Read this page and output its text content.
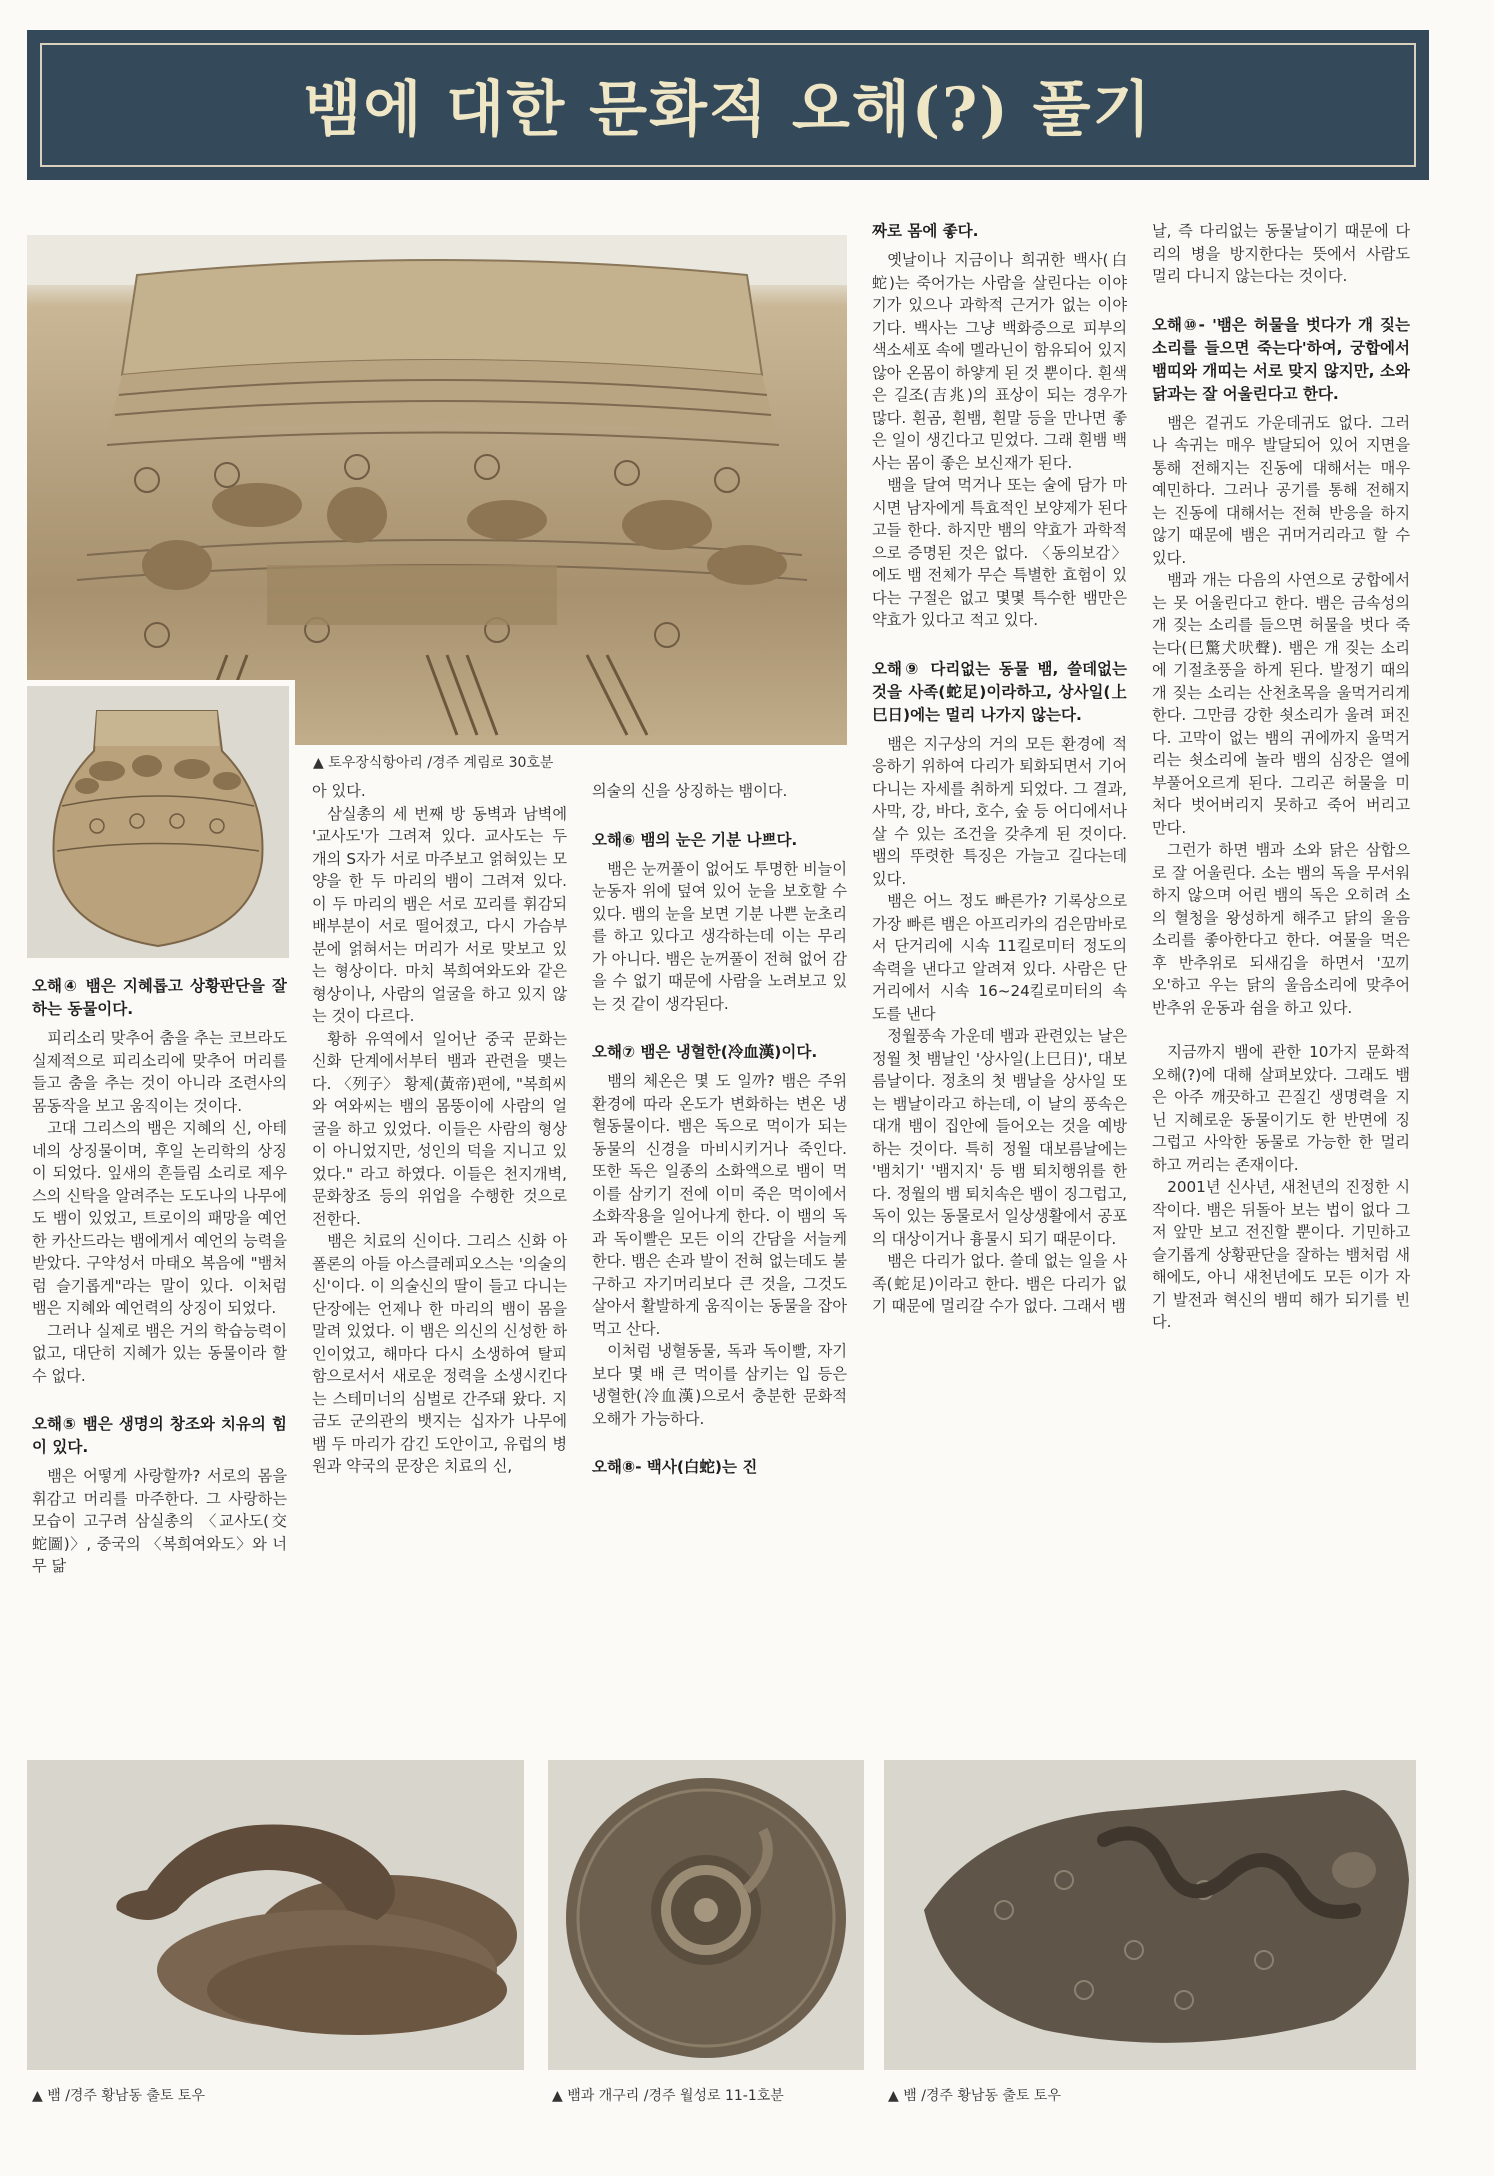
뱀에 대한 문화적 오해(?) 풀기
▲ 토우장식항아리 /경주 계림로 30호분

오해④ 뱀은 지혜롭고 상황판단을 잘하는 동물이다.

피리소리 맞추어 춤을 추는 코브라도 실제적으로 피리소리에 맞추어 머리를 들고 춤을 추는 것이 아니라 조련사의 몸동작을 보고 움직이는 것이다.

고대 그리스의 뱀은 지혜의 신, 아테네의 상징물이며, 후일 논리학의 상징이 되었다. 잎새의 흔들림 소리로 제우스의 신탁을 알려주는 도도나의 나무에도 뱀이 있었고, 트로이의 패망을 예언한 카산드라는 뱀에게서 예언의 능력을 받았다. 구약성서 마태오 복음에 "뱀처럼 슬기롭게"라는 말이 있다. 이처럼 뱀은 지혜와 예언력의 상징이 되었다.

그러나 실제로 뱀은 거의 학습능력이 없고, 대단히 지혜가 있는 동물이라 할 수 없다.

오해⑤ 뱀은 생명의 창조와 치유의 힘이 있다.

뱀은 어떻게 사랑할까? 서로의 몸을 휘감고 머리를 마주한다. 그 사랑하는 모습이 고구려 삼실총의 〈교사도(交蛇圖)〉, 중국의 〈복희여와도〉와 너무 닮

아 있다.

삼실총의 세 번째 방 동벽과 남벽에 '교사도'가 그려져 있다. 교사도는 두 개의 S자가 서로 마주보고 얽혀있는 모양을 한 두 마리의 뱀이 그려져 있다. 이 두 마리의 뱀은 서로 꼬리를 휘감되 배부분이 서로 떨어졌고, 다시 가슴부분에 얽혀서는 머리가 서로 맞보고 있는 형상이다. 마치 복희여와도와 같은 형상이나, 사람의 얼굴을 하고 있지 않는 것이 다르다.

황하 유역에서 일어난 중국 문화는 신화 단계에서부터 뱀과 관련을 맺는다. 〈列子〉 황제(黃帝)편에, "복희씨와 여와씨는 뱀의 몸뚱이에 사람의 얼굴을 하고 있었다. 이들은 사람의 형상이 아니었지만, 성인의 덕을 지니고 있었다." 라고 하였다. 이들은 천지개벽, 문화창조 등의 위업을 수행한 것으로 전한다.

뱀은 치료의 신이다. 그리스 신화 아폴론의 아들 아스클레피오스는 '의술의 신'이다. 이 의술신의 딸이 들고 다니는 단장에는 언제나 한 마리의 뱀이 몸을 말려 있었다. 이 뱀은 의신의 신성한 하인이었고, 해마다 다시 소생하여 탈피함으로서서 새로운 정력을 소생시킨다는 스테미너의 심벌로 간주돼 왔다. 지금도 군의관의 뱃지는 십자가 나무에 뱀 두 마리가 감긴 도안이고, 유럽의 병원과 약국의 문장은 치료의 신,

의술의 신을 상징하는 뱀이다.

오해⑥ 뱀의 눈은 기분 나쁘다.

뱀은 눈꺼풀이 없어도 투명한 비늘이 눈동자 위에 덮여 있어 눈을 보호할 수 있다. 뱀의 눈을 보면 기분 나쁜 눈초리를 하고 있다고 생각하는데 이는 무리가 아니다. 뱀은 눈꺼풀이 전혀 없어 감을 수 없기 때문에 사람을 노려보고 있는 것 같이 생각된다.

오해⑦ 뱀은 냉혈한(冷血漢)이다.

뱀의 체온은 몇 도 일까? 뱀은 주위 환경에 따라 온도가 변화하는 변온 냉혈동물이다. 뱀은 독으로 먹이가 되는 동물의 신경을 마비시키거나 죽인다. 또한 독은 일종의 소화액으로 뱀이 먹이를 삼키기 전에 이미 죽은 먹이에서 소화작용을 일어나게 한다. 이 뱀의 독과 독이빨은 모든 이의 간담을 서늘케한다. 뱀은 손과 발이 전혀 없는데도 불구하고 자기머리보다 큰 것을, 그것도 살아서 활발하게 움직이는 동물을 잡아먹고 산다.

이처럼 냉혈동물, 독과 독이빨, 자기보다 몇 배 큰 먹이를 삼키는 입 등은 냉혈한(冷血漢)으로서 충분한 문화적 오해가 가능하다.

오해⑧- 백사(白蛇)는 진

짜로 몸에 좋다.

옛날이나 지금이나 희귀한 백사(白蛇)는 죽어가는 사람을 살린다는 이야기가 있으나 과학적 근거가 없는 이야기다. 백사는 그냥 백화증으로 피부의 색소세포 속에 멜라닌이 함유되어 있지 않아 온몸이 하얗게 된 것 뿐이다. 흰색은 길조(吉兆)의 표상이 되는 경우가 많다. 흰곰, 흰뱀, 흰말 등을 만나면 좋은 일이 생긴다고 믿었다. 그래 흰뱀 백사는 몸이 좋은 보신재가 된다.

뱀을 달여 먹거나 또는 술에 담가 마시면 남자에게 특효적인 보양제가 된다고들 한다. 하지만 뱀의 약효가 과학적으로 증명된 것은 없다. 〈동의보감〉에도 뱀 전체가 무슨 특별한 효험이 있다는 구절은 없고 몇몇 특수한 뱀만은 약효가 있다고 적고 있다.

오해⑨ 다리없는 동물 뱀, 쓸데없는 것을 사족(蛇足)이라하고, 상사일(上巳日)에는 멀리 나가지 않는다.

뱀은 지구상의 거의 모든 환경에 적응하기 위하여 다리가 퇴화되면서 기어 다니는 자세를 취하게 되었다. 그 결과, 사막, 강, 바다, 호수, 숲 등 어디에서나 살 수 있는 조건을 갖추게 된 것이다. 뱀의 뚜렷한 특징은 가늘고 길다는데 있다.

뱀은 어느 정도 빠른가? 기록상으로 가장 빠른 뱀은 아프리카의 검은맘바로서 단거리에 시속 11킬로미터 정도의 속력을 낸다고 알려져 있다. 사람은 단거리에서 시속 16~24킬로미터의 속도를 낸다

정월풍속 가운데 뱀과 관련있는 날은 정월 첫 뱀날인 '상사일(上巳日)', 대보름날이다. 정초의 첫 뱀날을 상사일 또는 뱀날이라고 하는데, 이 날의 풍속은 대개 뱀이 집안에 들어오는 것을 예방하는 것이다. 특히 정월 대보름날에는 '뱀치기' '뱀지지' 등 뱀 퇴치행위를 한다. 정월의 뱀 퇴치속은 뱀이 징그럽고, 독이 있는 동물로서 일상생활에서 공포의 대상이거나 흉물시 되기 때문이다.

뱀은 다리가 없다. 쓸데 없는 일을 사족(蛇足)이라고 한다. 뱀은 다리가 없기 때문에 멀리갈 수가 없다. 그래서 뱀

날, 즉 다리없는 동물날이기 때문에 다리의 병을 방지한다는 뜻에서 사람도 멀리 다니지 않는다는 것이다.

오해⑩- '뱀은 허물을 벗다가 개 짖는 소리를 들으면 죽는다'하여, 궁합에서 뱀띠와 개띠는 서로 맞지 않지만, 소와 닭과는 잘 어울린다고 한다.

뱀은 겉귀도 가운데귀도 없다. 그러나 속귀는 매우 발달되어 있어 지면을 통해 전해지는 진동에 대해서는 매우 예민하다. 그러나 공기를 통해 전해지는 진동에 대해서는 전혀 반응을 하지 않기 때문에 뱀은 귀머거리라고 할 수 있다.

뱀과 개는 다음의 사연으로 궁합에서는 못 어울린다고 한다. 뱀은 금속성의 개 짖는 소리를 들으면 허물을 벗다 죽는다(巳驚犬吠聲). 뱀은 개 짖는 소리에 기절초풍을 하게 된다. 발정기 때의 개 짖는 소리는 산천초목을 울먹거리게 한다. 그만큼 강한 쇳소리가 울려 퍼진다. 고막이 없는 뱀의 귀에까지 울먹거리는 쇳소리에 놀라 뱀의 심장은 열에 부풀어오르게 된다. 그리곤 허물을 미처다 벗어버리지 못하고 죽어 버리고 만다.

그런가 하면 뱀과 소와 닭은 삼합으로 잘 어울린다. 소는 뱀의 독을 무서워하지 않으며 어린 뱀의 독은 오히려 소의 혈청을 왕성하게 해주고 닭의 울음소리를 좋아한다고 한다. 여물을 먹은 후 반추위로 되새김을 하면서 '꼬끼오'하고 우는 닭의 울음소리에 맞추어 반추위 운동과 쉼을 하고 있다.

지금까지 뱀에 관한 10가지 문화적 오해(?)에 대해 살펴보았다. 그래도 뱀은 아주 깨끗하고 끈질긴 생명력을 지닌 지혜로운 동물이기도 한 반면에 징그럽고 사악한 동물로 가능한 한 멀리하고 꺼리는 존재이다.

2001년 신사년, 새천년의 진정한 시작이다. 뱀은 뒤돌아 보는 법이 없다 그저 앞만 보고 전진할 뿐이다. 기민하고 슬기롭게 상황판단을 잘하는 뱀처럼 새해에도, 아니 새천년에도 모든 이가 자기 발전과 혁신의 뱀띠 해가 되기를 빈다.

▲ 뱀 /경주 황남동 출토 토우	▲ 뱀과 개구리 /경주 월성로 11-1호분	▲ 뱀 /경주 황남동 출토 토우
